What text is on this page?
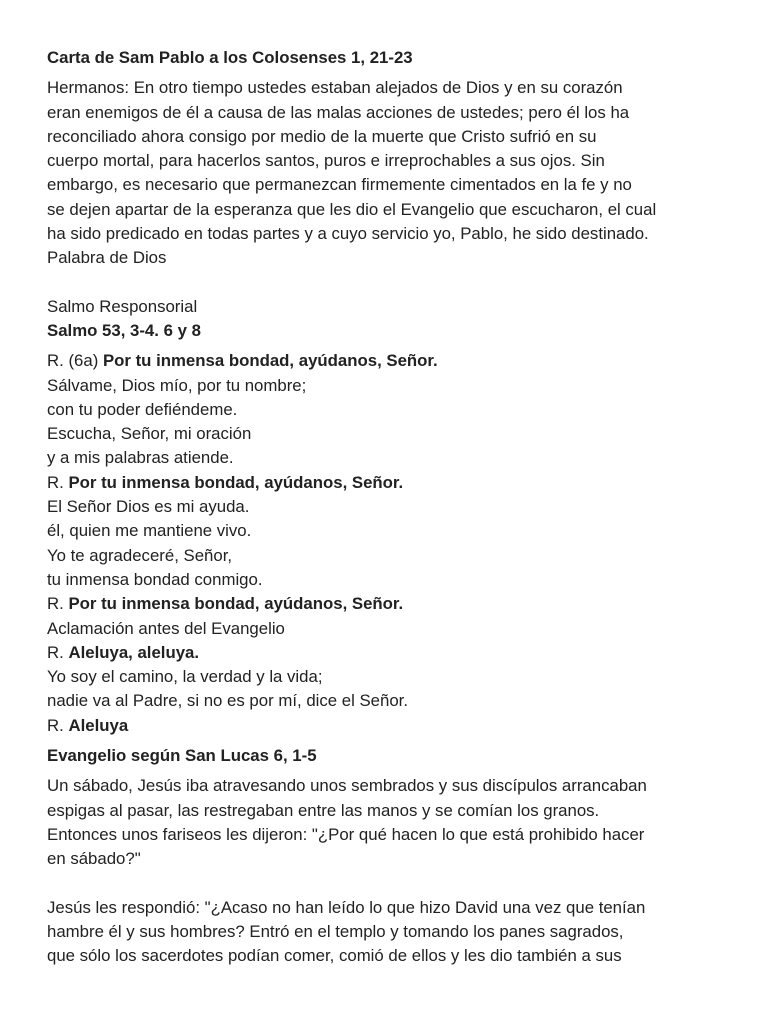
Carta de Sam Pablo a los Colosenses 1, 21-23
Hermanos: En otro tiempo ustedes estaban alejados de Dios y en su corazón
eran enemigos de él a causa de las malas acciones de ustedes; pero él los ha
reconciliado ahora consigo por medio de la muerte que Cristo sufrió en su
cuerpo mortal, para hacerlos santos, puros e irreprochables a sus ojos. Sin
embargo, es necesario que permanezcan firmemente cimentados en la fe y no
se dejen apartar de la esperanza que les dio el Evangelio que escucharon, el cual
ha sido predicado en todas partes y a cuyo servicio yo, Pablo, he sido destinado.
Palabra de Dios
Salmo Responsorial
Salmo 53, 3-4. 6 y 8
R. (6a) Por tu inmensa bondad, ayúdanos, Señor.
Sálvame, Dios mío, por tu nombre;
con tu poder defiéndeme.
Escucha, Señor, mi oración
y a mis palabras atiende.
R. Por tu inmensa bondad, ayúdanos, Señor.
El Señor Dios es mi ayuda.
él, quien me mantiene vivo.
Yo te agradeceré, Señor,
tu inmensa bondad conmigo.
R. Por tu inmensa bondad, ayúdanos, Señor.
Aclamación antes del Evangelio
R. Aleluya, aleluya.
Yo soy el camino, la verdad y la vida;
nadie va al Padre, si no es por mí, dice el Señor.
R. Aleluya
Evangelio según San Lucas 6, 1-5
Un sábado, Jesús iba atravesando unos sembrados y sus discípulos arrancaban
espigas al pasar, las restregaban entre las manos y se comían los granos.
Entonces unos fariseos les dijeron: "¿Por qué hacen lo que está prohibido hacer
en sábado?"
Jesús les respondió: "¿Acaso no han leído lo que hizo David una vez que tenían
hambre él y sus hombres? Entró en el templo y tomando los panes sagrados,
que sólo los sacerdotes podían comer, comió de ellos y les dio también a sus
